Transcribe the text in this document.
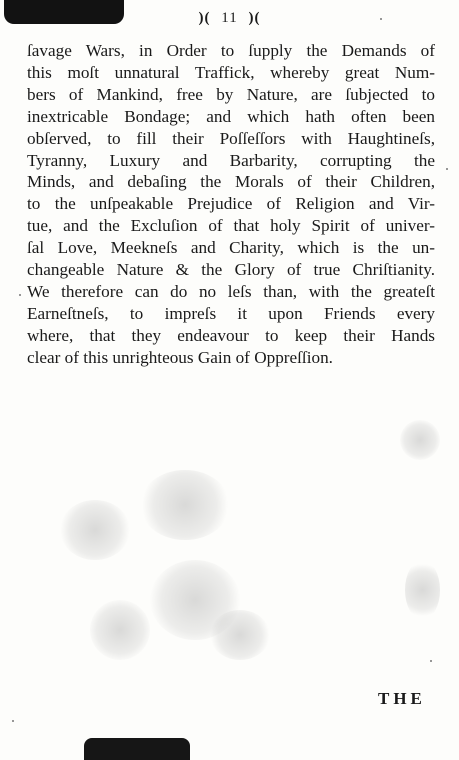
)( 11 )(
ſavage Wars, in Order to ſupply the Demands of
this moſt unnatural Traffick, whereby great Num-
bers of Mankind, free by Nature, are ſubjected to
inextricable Bondage; and which hath often been
obſerved, to fill their Poſſeſſors with Haughtineſs,
Tyranny, Luxury and Barbarity, corrupting the
Minds, and debaſing the Morals of their Children,
to the unſpeakable Prejudice of Religion and Vir-
tue, and the Excluſion of that holy Spirit of univer-
ſal Love, Meekneſs and Charity, which is the un-
changeable Nature & the Glory of true Chriſtianity.
We therefore can do no leſs than, with the greateſt
Earneſtneſs, to impreſs it upon Friends every
where, that they endeavour to keep their Hands
clear of this unrighteous Gain of Oppreſſion.
THE
